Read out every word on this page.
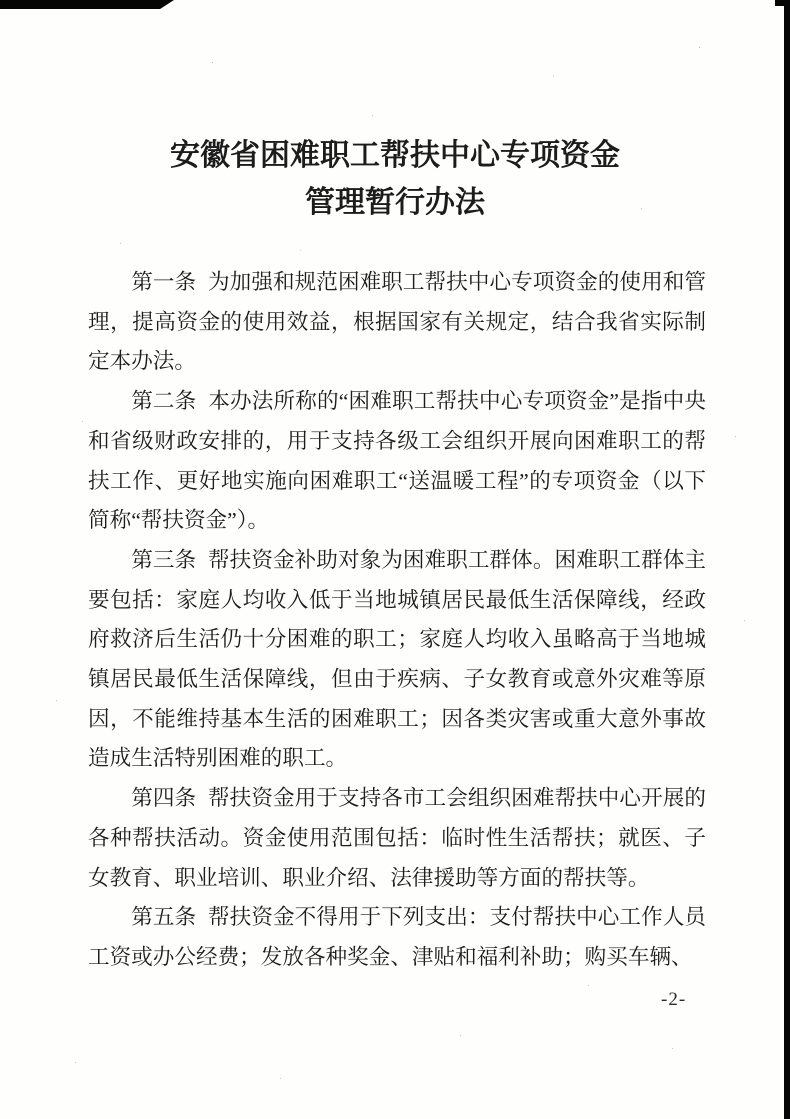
安徽省困难职工帮扶中心专项资金
管理暂行办法

第一条 为加强和规范困难职工帮扶中心专项资金的使用和管理，提高资金的使用效益，根据国家有关规定，结合我省实际制定本办法。

第二条 本办法所称的“困难职工帮扶中心专项资金”是指中央和省级财政安排的，用于支持各级工会组织开展向困难职工的帮扶工作、更好地实施向困难职工“送温暖工程”的专项资金（以下简称“帮扶资金”）。

第三条 帮扶资金补助对象为困难职工群体。困难职工群体主要包括：家庭人均收入低于当地城镇居民最低生活保障线，经政府救济后生活仍十分困难的职工；家庭人均收入虽略高于当地城镇居民最低生活保障线，但由于疾病、子女教育或意外灾难等原因，不能维持基本生活的困难职工；因各类灾害或重大意外事故造成生活特别困难的职工。

第四条 帮扶资金用于支持各市工会组织困难帮扶中心开展的各种帮扶活动。资金使用范围包括：临时性生活帮扶；就医、子女教育、职业培训、职业介绍、法律援助等方面的帮扶等。

第五条 帮扶资金不得用于下列支出：支付帮扶中心工作人员工资或办公经费；发放各种奖金、津贴和福利补助；购买车辆、

-2-
